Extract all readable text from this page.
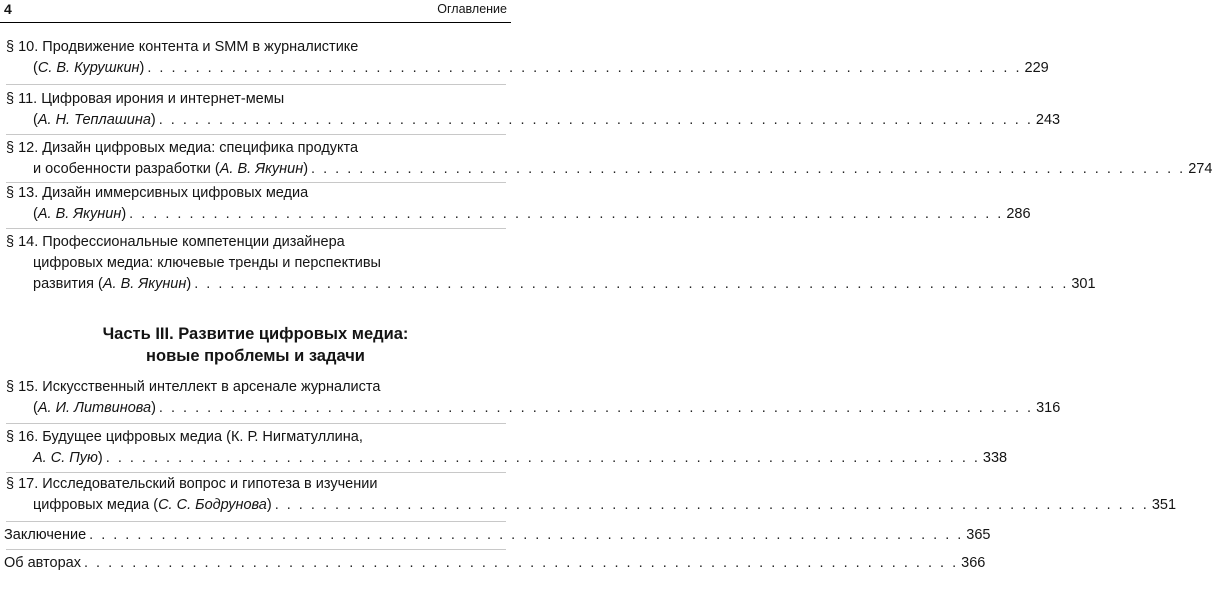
4	Оглавление
§ 10. Продвижение контента и SMM в журналистике
(С. В. Курушкин) . . . . . . . . . . . . . . . . . . . . . . . . . . . . . . . . . . . . . . . . . . . . . . . . . . . . . . . . . . . . . . . . . . . . . . . . . 229
§ 11. Цифровая ирония и интернет-мемы
(А. Н. Теплашина) . . . . . . . . . . . . . . . . . . . . . . . . . . . . . . . . . . . . . . . . . . . . . . . . . . . . . . . . . . . . . . . . . . . . . . . . . 243
§ 12. Дизайн цифровых медиа: специфика продукта
и особенности разработки (А. В. Якунин) . . . . . . . . . . . . . . . . . . . . . . . . . . . . . . . . . . . . . . . . . . . . . . . . . . . . . . . . . . . . . . . . . . . . . . . . . 274
§ 13. Дизайн иммерсивных цифровых медиа
(А. В. Якунин) . . . . . . . . . . . . . . . . . . . . . . . . . . . . . . . . . . . . . . . . . . . . . . . . . . . . . . . . . . . . . . . . . . . . . . . . . 286
§ 14. Профессиональные компетенции дизайнера
цифровых медиа: ключевые тренды и перспективы
развития (А. В. Якунин) . . . . . . . . . . . . . . . . . . . . . . . . . . . . . . . . . . . . . . . . . . . . . . . . . . . . . . . . . . . . . . . . . . . . . . . . . 301
Часть III. Развитие цифровых медиа:
новые проблемы и задачи
§ 15. Искусственный интеллект в арсенале журналиста
(А. И. Литвинова) . . . . . . . . . . . . . . . . . . . . . . . . . . . . . . . . . . . . . . . . . . . . . . . . . . . . . . . . . . . . . . . . . . . . . . . . . 316
§ 16. Будущее цифровых медиа (К. Р. Нигматуллина,
А. С. Пую) . . . . . . . . . . . . . . . . . . . . . . . . . . . . . . . . . . . . . . . . . . . . . . . . . . . . . . . . . . . . . . . . . . . . . . . . . 338
§ 17. Исследовательский вопрос и гипотеза в изучении
цифровых медиа (С. С. Бодрунова) . . . . . . . . . . . . . . . . . . . . . . . . . . . . . . . . . . . . . . . . . . . . . . . . . . . . . . . . . . . . . . . . . . . . . . . . . 351
Заключение . . . . . . . . . . . . . . . . . . . . . . . . . . . . . . . . . . . . . . . . . . . . . . . . . . . . . . . . . . . . . . . . . . . . . . . . . 365
Об авторах . . . . . . . . . . . . . . . . . . . . . . . . . . . . . . . . . . . . . . . . . . . . . . . . . . . . . . . . . . . . . . . . . . . . . . . . . 366
